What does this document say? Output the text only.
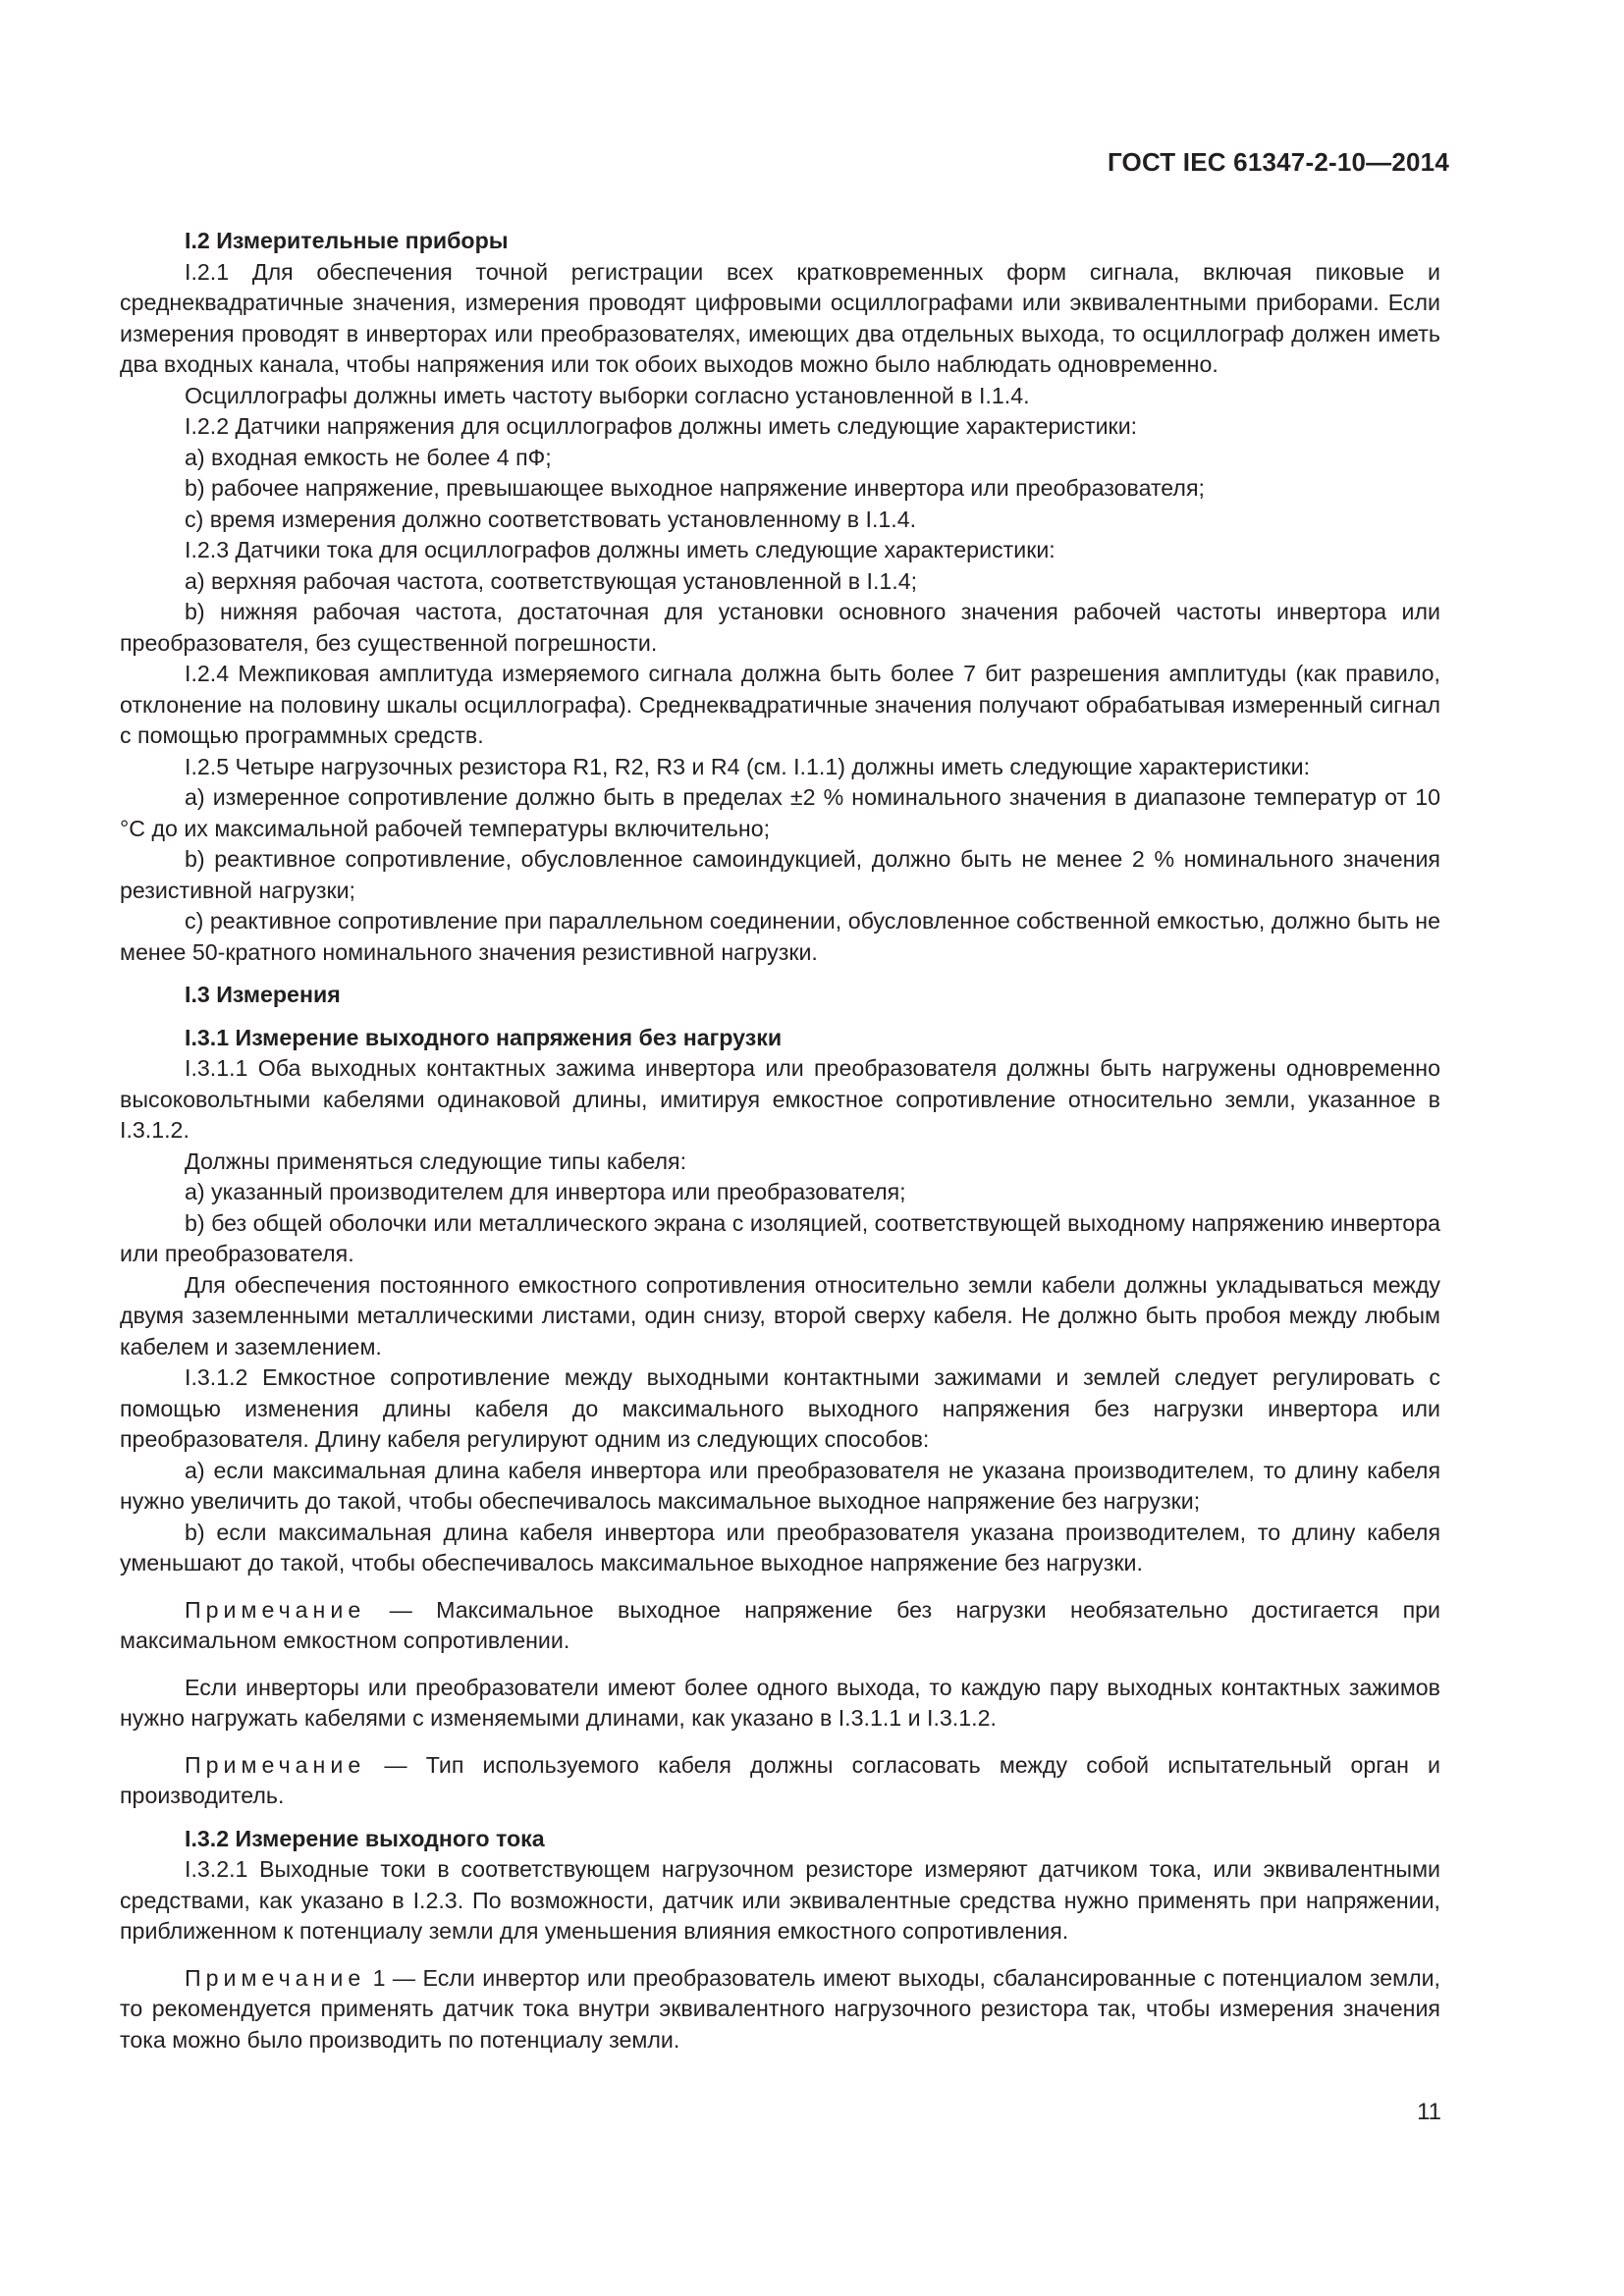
ГОСТ IEC 61347-2-10—2014

I.2 Измерительные приборы

I.2.1 Для обеспечения точной регистрации всех кратковременных форм сигнала, включая пиковые и среднеквадратичные значения, измерения проводят цифровыми осциллографами или эквивалентными приборами. Если измерения проводят в инверторах или преобразователях, имеющих два отдельных выхода, то осциллограф должен иметь два входных канала, чтобы напряжения или ток обоих выходов можно было наблюдать одновременно.

Осциллографы должны иметь частоту выборки согласно установленной в I.1.4.

I.2.2 Датчики напряжения для осциллографов должны иметь следующие характеристики:

a) входная емкость не более 4 пФ;

b) рабочее напряжение, превышающее выходное напряжение инвертора или преобразователя;

c) время измерения должно соответствовать установленному в I.1.4.

I.2.3 Датчики тока для осциллографов должны иметь следующие характеристики:

a) верхняя рабочая частота, соответствующая установленной в I.1.4;

b) нижняя рабочая частота, достаточная для установки основного значения рабочей частоты инвертора или преобразователя, без существенной погрешности.

I.2.4 Межпиковая амплитуда измеряемого сигнала должна быть более 7 бит разрешения амплитуды (как правило, отклонение на половину шкалы осциллографа). Среднеквадратичные значения получают обрабатывая измеренный сигнал с помощью программных средств.

I.2.5 Четыре нагрузочных резистора R1, R2, R3 и R4 (см. I.1.1) должны иметь следующие характеристики:

a) измеренное сопротивление должно быть в пределах ±2 % номинального значения в диапазоне температур от 10 °С до их максимальной рабочей температуры включительно;

b) реактивное сопротивление, обусловленное самоиндукцией, должно быть не менее 2 % номинального значения резистивной нагрузки;

c) реактивное сопротивление при параллельном соединении, обусловленное собственной емкостью, должно быть не менее 50-кратного номинального значения резистивной нагрузки.

I.3 Измерения

I.3.1 Измерение выходного напряжения без нагрузки

I.3.1.1 Оба выходных контактных зажима инвертора или преобразователя должны быть нагружены одновременно высоковольтными кабелями одинаковой длины, имитируя емкостное сопротивление относительно земли, указанное в I.3.1.2.

Должны применяться следующие типы кабеля:

a) указанный производителем для инвертора или преобразователя;

b) без общей оболочки или металлического экрана с изоляцией, соответствующей выходному напряжению инвертора или преобразователя.

Для обеспечения постоянного емкостного сопротивления относительно земли кабели должны укладываться между двумя заземленными металлическими листами, один снизу, второй сверху кабеля. Не должно быть пробоя между любым кабелем и заземлением.

I.3.1.2 Емкостное сопротивление между выходными контактными зажимами и землей следует регулировать с помощью изменения длины кабеля до максимального выходного напряжения без нагрузки инвертора или преобразователя. Длину кабеля регулируют одним из следующих способов:

a) если максимальная длина кабеля инвертора или преобразователя не указана производителем, то длину кабеля нужно увеличить до такой, чтобы обеспечивалось максимальное выходное напряжение без нагрузки;

b) если максимальная длина кабеля инвертора или преобразователя указана производителем, то длину кабеля уменьшают до такой, чтобы обеспечивалось максимальное выходное напряжение без нагрузки.

Примечание — Максимальное выходное напряжение без нагрузки необязательно достигается при максимальном емкостном сопротивлении.

Если инверторы или преобразователи имеют более одного выхода, то каждую пару выходных контактных зажимов нужно нагружать кабелями с изменяемыми длинами, как указано в I.3.1.1 и I.3.1.2.

Примечание — Тип используемого кабеля должны согласовать между собой испытательный орган и производитель.

I.3.2 Измерение выходного тока

I.3.2.1 Выходные токи в соответствующем нагрузочном резисторе измеряют датчиком тока, или эквивалентными средствами, как указано в I.2.3. По возможности, датчик или эквивалентные средства нужно применять при напряжении, приближенном к потенциалу земли для уменьшения влияния емкостного сопротивления.

Примечание 1 — Если инвертор или преобразователь имеют выходы, сбалансированные с потенциалом земли, то рекомендуется применять датчик тока внутри эквивалентного нагрузочного резистора так, чтобы измерения значения тока можно было производить по потенциалу земли.

11
